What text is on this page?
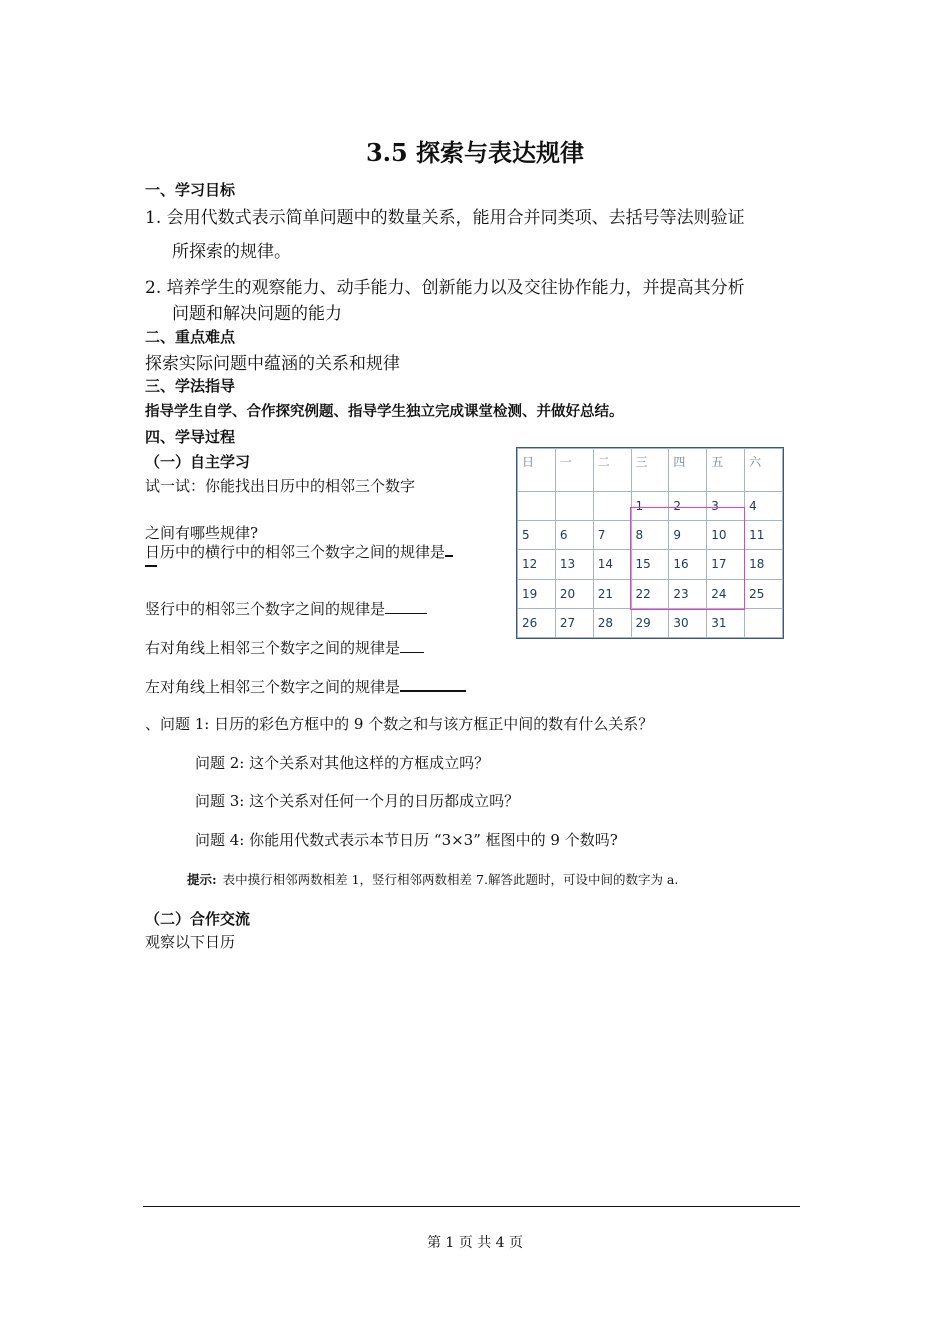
3.5 探索与表达规律
一、学习目标
1. 会用代数式表示简单问题中的数量关系，能用合并同类项、去括号等法则验证
所探索的规律。
2. 培养学生的观察能力、动手能力、创新能力以及交往协作能力，并提高其分析
问题和解决问题的能力
二、重点难点
探索实际问题中蕴涵的关系和规律
三、学法指导
指导学生自学、合作探究例题、指导学生独立完成课堂检测、并做好总结。
四、学导过程
（一）自主学习
试一试：你能找出日历中的相邻三个数字
之间有哪些规律?
日历中的横行中的相邻三个数字之间的规律是
竖行中的相邻三个数字之间的规律是
右对角线上相邻三个数字之间的规律是
左对角线上相邻三个数字之间的规律是
日	一	二	三	四	五	六
			1	2	3	4
5	6	7	8	9	10	11
12	13	14	15	16	17	18
19	20	21	22	23	24	25
26	27	28	29	30	31	
、问题 1: 日历的彩色方框中的 9 个数之和与该方框正中间的数有什么关系？
问题 2: 这个关系对其他这样的方框成立吗？
问题 3: 这个关系对任何一个月的日历都成立吗？
问题 4: 你能用代数式表示本节日历 “3×3” 框图中的 9 个数吗?
提示: 表中摸行相邻两数相差 1，竖行相邻两数相差 7.解答此题时，可设中间的数字为 a.
（二）合作交流
观察以下日历
第 1 页 共 4 页
